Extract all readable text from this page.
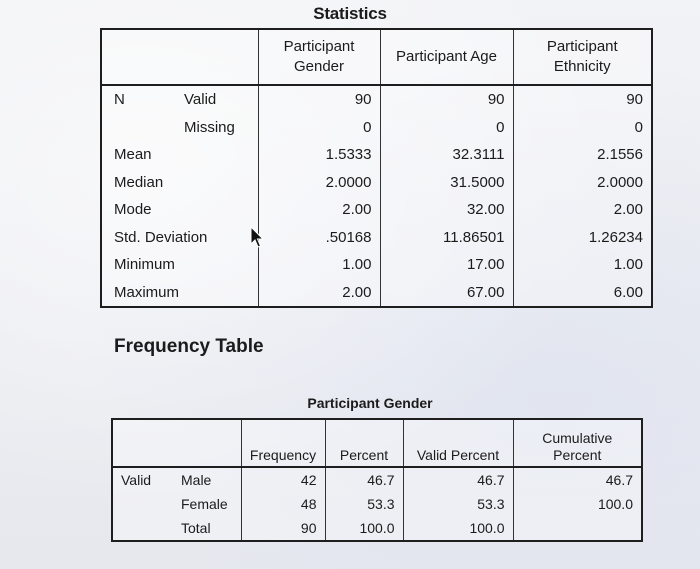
Statistics
		Participant Gender	Participant Age	Participant Ethnicity
N	Valid	90	90	90
	Missing	0	0	0
Mean		1.5333	32.3111	2.1556
Median		2.0000	31.5000	2.0000
Mode		2.00	32.00	2.00
Std. Deviation		.50168	11.86501	1.26234
Minimum		1.00	17.00	1.00
Maximum		2.00	67.00	6.00
Frequency Table
Participant Gender
		Frequency	Percent	Valid Percent	Cumulative Percent
Valid	Male	42	46.7	46.7	46.7
	Female	48	53.3	53.3	100.0
	Total	90	100.0	100.0	
